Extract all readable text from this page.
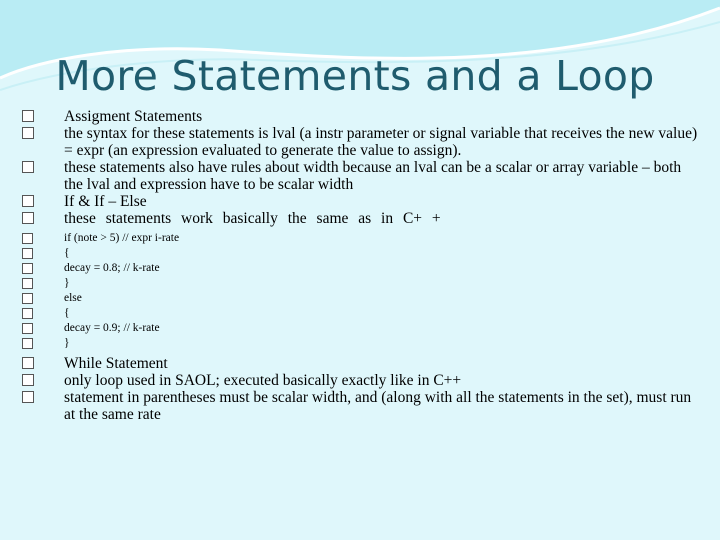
More Statements and a Loop
Assigment Statements
the syntax for these statements is lval (a instr parameter or signal variable that receives the new value) = expr (an expression evaluated to generate the value to assign).
these statements also have rules about width because an lval can be a scalar or array variable – both the lval and expression have to be scalar width
If & If – Else
these statements work basically the same as in C+ +
if (note > 5) // expr i-rate
{
decay = 0.8; // k-rate
}
else
{
decay = 0.9; // k-rate
}
While Statement
only loop used in SAOL; executed basically exactly like in C++
statement in parentheses must be scalar width, and (along with all the statements in the set), must run at the same rate
